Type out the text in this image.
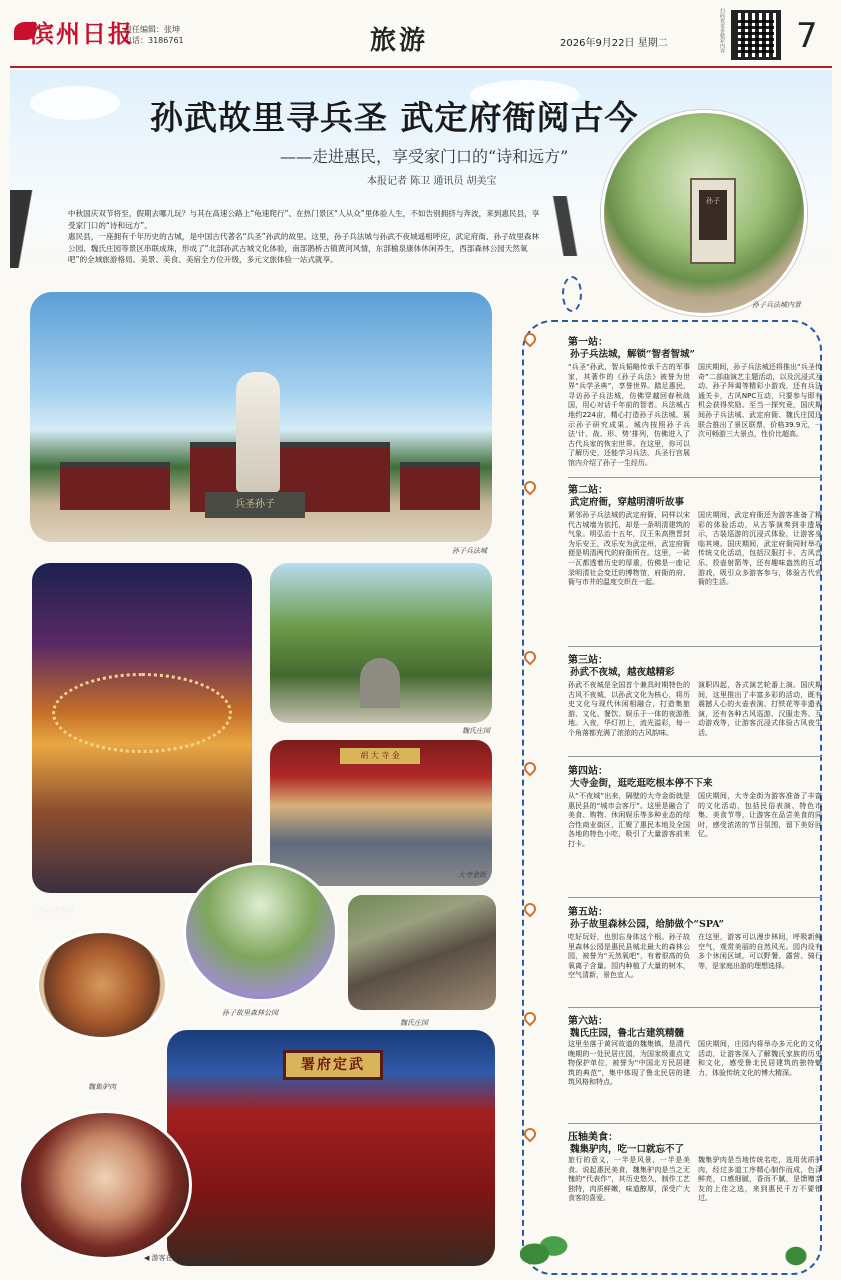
滨州日报
责任编辑：张坤
电话：3186761	旅游	2026年9月22日 星期二	扫码看更多精彩内容 7
孙武故里寻兵圣 武定府衙阅古今
——走进惠民，享受家门口的“诗和远方”
本报记者 陈卫 通讯员 胡美宝
中秋国庆双节将至，假期去哪儿玩？与其在高速公路上“龟速爬行”、在热门景区“人从众”里体验人生，不如告别拥挤与奔波，来到惠民县，享受家门口的“诗和远方”。
惠民县，一座拥有千年历史的古城，是中国古代著名“兵圣”孙武的故里。这里，孙子兵法城与孙武不夜城遥相呼应，武定府衙、孙子故里森林公园、魏氏庄园等景区串联成珠，形成了“北部孙武古城文化体验，南部鹊桥古镇黄河风情，东部榆泉康体休闲养生，西部森林公园天然氧吧”的全域旅游格局。美景、美食、美宿全方位升级，多元文旅体验一站式就享。
孙子
孙子兵法城内景
兵圣孙子
孙子兵法城
孙武不夜城
魏氏庄园
胡 大 寺 金
大寺金街
孙子故里森林公园
魏氏庄园
魏集驴肉
署府定武
◀ 游客在武定府衙体验香道	武定府衙
第一站：
孙子兵法城，解锁“智者智城”
“兵圣”孙武，智兵韬略传承千古的军事家，其著作的《孙子兵法》被誉为世界“兵学圣典”，享誉世界。踏足惠民，寻访孙子兵法城，仿佛穿越回春秋战国，用心对话千年前的智者。兵法城占地约224亩，精心打造孙子兵法城，展示孙子研究成果。城内按照孙子兵法‘计、战、形、势’排列，仿佛进入了古代兵家的恢宏世界。在这里，你可以了解历史，还能学习兵法，兵圣行宫展馆内介绍了孙子一生经历。
国庆期间，孙子兵法城还将推出“兵圣传奇”二部曲演艺主题活动，以及沉浸式互动、孙子拜谒等精彩小游戏，还有兵法通关卡，古风NPC互动，只要参与即有机会获得奖励。至当一探究竟，国庆期间孙子兵法城、武定府衙、魏氏庄园还联合推出了景区联票，价格39.9元，一次可畅游三大景点，性价比超高。
第二站：
武定府衙，穿越明清听故事
紧邻孙子兵法城的武定府衙，同样以宋代古城墙为依托，却是一条明清建筑的气象。明弘治十五年，汉王朱高煦晋封为乐安王，改乐安为武定州，武定府衙便是明清两代的府衙所在。这里，一砖一瓦都透着历史的厚重，仿佛是一座记录明清社会变迁的博物馆，府衙的府、衙与市井的温度交织在一起。
国庆期间，武定府衙还为游客准备了精彩的体验活动，从古筝演奏到非遗展示，古装巡游的沉浸式体验，让游客身临其境。国庆期间，武定府衙同时举办传统文化活动，包括汉服打卡、古风音乐、投壶射箭等，还有趣味盎然的互动游戏，吸引众多游客参与，体验古代官衙的生活。
第三站：
孙武不夜城，越夜越精彩
孙武不夜城是全国首个兼具时期特色的古风不夜城，以孙武文化为核心，将历史文化与现代休闲相融合，打造集旅游、文化、餐饮、娱乐于一体的夜游胜地。入夜，华灯初上，流光溢彩，每一个角落都充满了浓浓的古风韵味。
演职四起，各式演艺轮番上演。国庆期间，这里推出了丰富多彩的活动，既有震撼人心的火壶表演、打铁花等非遗表演，还有各种古风巡游、汉服走秀、互动游戏等，让游客沉浸式体验古风夜生活。
第四站：
大寺金街，逛吃逛吃根本停不下来
从“不夜城”出来，隔壁的大寺金街就是惠民县的“城市会客厅”。这里是融合了美食、购物、休闲娱乐等多种业态的综合性商业街区，汇聚了惠民本地及全国各地的特色小吃，吸引了大量游客前来打卡。
国庆期间，大寺金街为游客准备了丰富的文化活动，包括民俗表演、特色市集、美食节等，让游客在品尝美食的同时，感受浓浓的节日氛围，留下美好回忆。
第五站：
孙子故里森林公园，给肺做个“SPA”
吃好玩好，也别忘身体这个根。孙子故里森林公园是惠民县城北最大的森林公园，被誉为“天然氧吧”，有着很高的负氧离子含量。园内种植了大量的树木，空气清新，景色宜人。
在这里，游客可以漫步林间，呼吸新鲜空气，观赏美丽的自然风光。园内设有多个休闲区域，可以野餐、露营、骑行等，是家庭出游的理想选择。
第六站：
魏氏庄园，鲁北古建筑精髓
这里坐落于黄河故道的魏集镇，是清代晚期的一处民居庄园，为国家级重点文物保护单位，被誉为“中国北方民居建筑的典范”，集中体现了鲁北民居的建筑风格和特点。
国庆期间，庄园内将举办多元化的文化活动，让游客深入了解魏氏家族的历史和文化，感受鲁北民居建筑的独特魅力，体验传统文化的博大精深。
压轴美食：
魏集驴肉，吃一口就忘不了
旅行的意义，一半是风景，一半是美食。说起惠民美食，魏集驴肉是当之无愧的“代表作”，其历史悠久，制作工艺独特，肉质鲜嫩，味道醇厚，深受广大食客的喜爱。
魏集驴肉是当地传统名吃，选用优质驴肉，经过多道工序精心制作而成，色泽鲜亮，口感细腻，香而不腻，是馈赠亲友的上佳之选，来到惠民千万不要错过。
